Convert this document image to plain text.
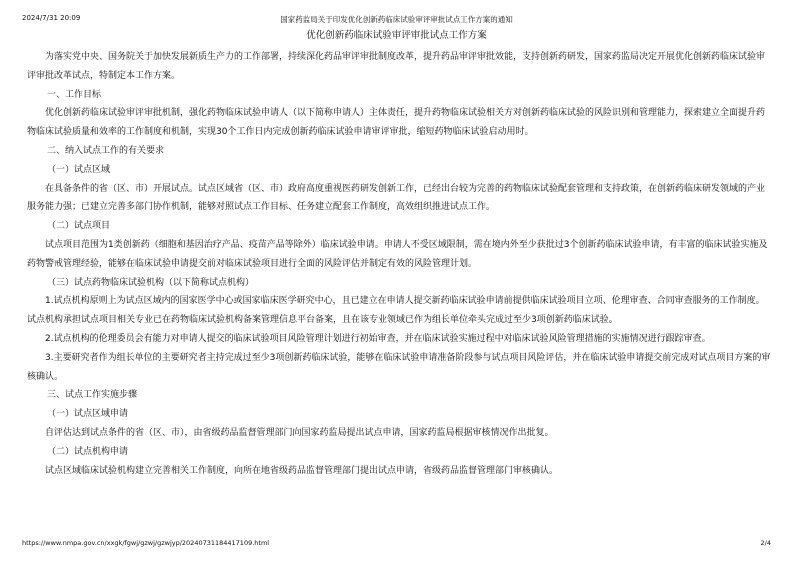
2024/7/31 20:09	国家药监局关于印发优化创新药临床试验审评审批试点工作方案的通知
优化创新药临床试验审评审批试点工作方案

为落实党中央、国务院关于加快发展新质生产力的工作部署，持续深化药品审评审批制度改革，提升药品审评审批效能，支持创新药研发，国家药监局决定开展优化创新药临床试验审评审批改革试点，特制定本工作方案。

一、工作目标

优化创新药临床试验审评审批机制，强化药物临床试验申请人（以下简称申请人）主体责任，提升药物临床试验相关方对创新药临床试验的风险识别和管理能力，探索建立全面提升药物临床试验质量和效率的工作制度和机制，实现30个工作日内完成创新药临床试验申请审评审批，缩短药物临床试验启动用时。

二、纳入试点工作的有关要求

（一）试点区域

在具备条件的省（区、市）开展试点。试点区域省（区、市）政府高度重视医药研发创新工作，已经出台较为完善的药物临床试验配套管理和支持政策，在创新药临床研发领域的产业服务能力强；已建立完善多部门协作机制，能够对照试点工作目标、任务建立配套工作制度，高效组织推进试点工作。

（二）试点项目

试点项目范围为1类创新药（细胞和基因治疗产品、疫苗产品等除外）临床试验申请。申请人不受区域限制，需在境内外至少获批过3个创新药临床试验申请，有丰富的临床试验实施及药物警戒管理经验，能够在临床试验申请提交前对临床试验项目进行全面的风险评估并制定有效的风险管理计划。

（三）试点药物临床试验机构（以下简称试点机构）

1.试点机构原则上为试点区域内的国家医学中心或国家临床医学研究中心，且已建立在申请人提交新药临床试验申请前提供临床试验项目立项、伦理审查、合同审查服务的工作制度。试点机构承担试点项目相关专业已在药物临床试验机构备案管理信息平台备案，且在该专业领域已作为组长单位牵头完成过至少3项创新药临床试验。

2.试点机构的伦理委员会有能力对申请人提交的临床试验项目风险管理计划进行初始审查，并在临床试验实施过程中对临床试验风险管理措施的实施情况进行跟踪审查。

3.主要研究者作为组长单位的主要研究者主持完成过至少3项创新药临床试验，能够在临床试验申请准备阶段参与试点项目风险评估，并在临床试验申请提交前完成对试点项目方案的审核确认。

三、试点工作实施步骤

（一）试点区域申请

自评估达到试点条件的省（区、市），由省级药品监督管理部门向国家药监局提出试点申请，国家药监局根据审核情况作出批复。

（二）试点机构申请

试点区域临床试验机构建立完善相关工作制度，向所在地省级药品监督管理部门提出试点申请，省级药品监督管理部门审核确认。

https://www.nmpa.gov.cn/xxgk/fgwj/gzwj/gzwjyp/20240731184417109.html	2/4
